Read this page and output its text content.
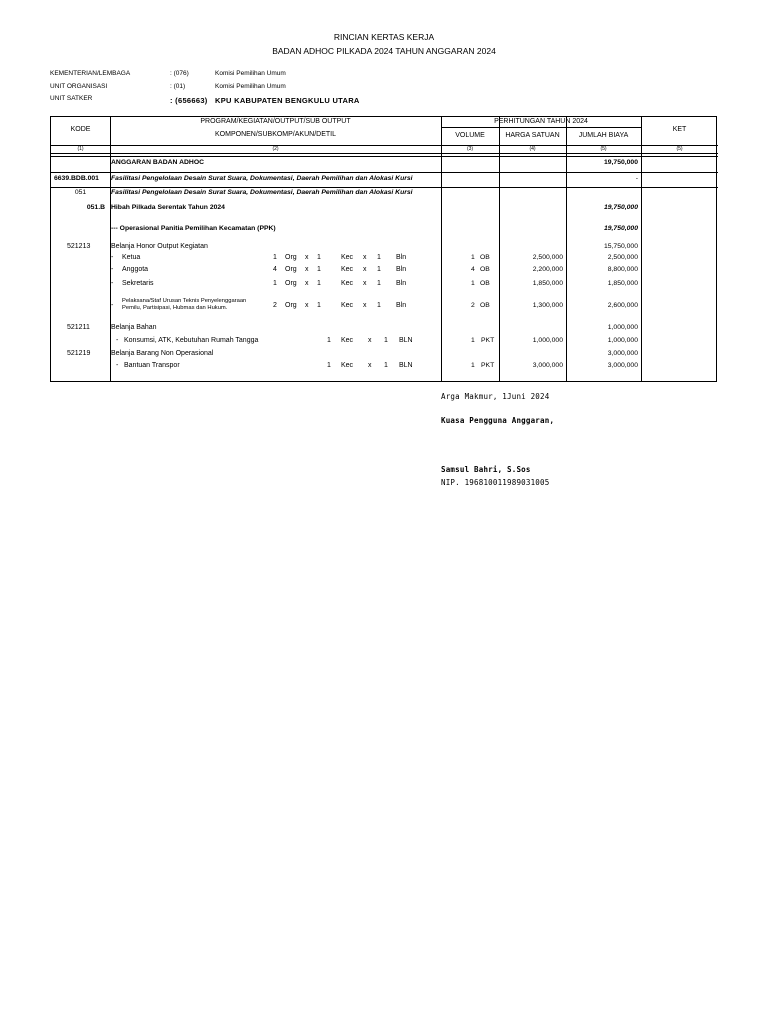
RINCIAN KERTAS KERJA
BADAN ADHOC PILKADA 2024 TAHUN ANGGARAN 2024
KEMENTERIAN/LEMBAGA	: (076)	Komisi Pemilihan Umum
UNIT ORGANISASI	: (01)	Komisi Pemilihan Umum
UNIT SATKER	: (656663) KPU KABUPATEN BENGKULU UTARA
KODE
PROGRAM/KEGIATAN/OUTPUT/SUB OUTPUT
KOMPONEN/SUBKOMP/AKUN/DETIL
PERHITUNGAN TAHUN 2024
VOLUME	HARGA SATUAN	JUMLAH BIAYA
KET
(1)	(2)	(3)	(4)	(5)	(5)
ANGGARAN BADAN ADHOC	19,750,000
6639.BDB.001 Fasilitasi Pengelolaan Desain Surat Suara, Dokumentasi, Daerah Pemilihan dan Alokasi Kursi	-
051	Fasilitasi Pengelolaan Desain Surat Suara, Dokumentasi, Daerah Pemilihan dan Alokasi Kursi
051.B Hibah Pilkada Serentak Tahun 2024	19,750,000
--- Operasional Panitia Pemilihan Kecamatan (PPK)	19,750,000
521213	Belanja Honor Output Kegiatan	15,750,000
- Ketua	1 Org x 1	Kec x 1 Bln	1 OB	2,500,000	2,500,000
- Anggota	4 Org x 1	Kec x 1 Bln	4 OB	2,200,000	8,800,000
- Sekretaris	1 Org x 1	Kec x 1 Bln	1 OB	1,850,000	1,850,000
-
Pelaksana/Staf Urusan Teknis Penyelenggaraan
Pemilu, Partisipasi, Hubmas dan Hukum.	2 Org x 1	Kec x 1 Bln	2 OB	1,300,000	2,600,000
521211	Belanja Bahan	1,000,000
- Konsumsi, ATK, Kebutuhan Rumah Tangga	1 Kec x 1 BLN	1 PKT	1,000,000	1,000,000
521219	Belanja Barang Non Operasional	3,000,000
- Bantuan Transpor	1 Kec x 1 BLN	1 PKT	3,000,000	3,000,000
Arga Makmur, 1Juni 2024
Kuasa Pengguna Anggaran,
Samsul Bahri, S.Sos
NIP. 196810011989031005
